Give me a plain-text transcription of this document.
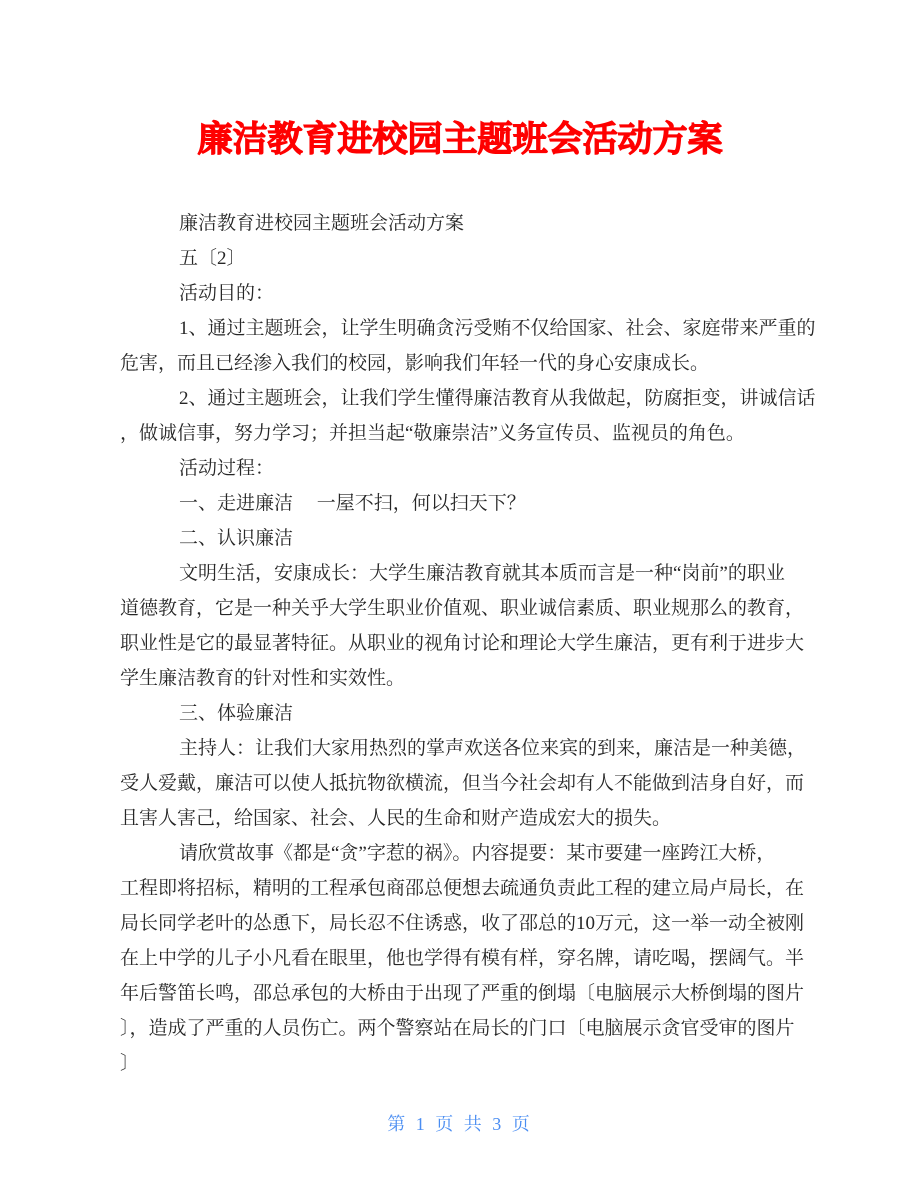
廉洁教育进校园主题班会活动方案
廉洁教育进校园主题班会活动方案
五〔2〕
活动目的：
1、通过主题班会，让学生明确贪污受贿不仅给国家、社会、家庭带来严重的
危害，而且已经渗入我们的校园，影响我们年轻一代的身心安康成长。
2、通过主题班会，让我们学生懂得廉洁教育从我做起，防腐拒变，讲诚信话
，做诚信事，努力学习；并担当起“敬廉崇洁”义务宣传员、监视员的角色。
活动过程：
一、走进廉洁　 一屋不扫，何以扫天下？
二、认识廉洁
文明生活，安康成长：大学生廉洁教育就其本质而言是一种“岗前”的职业
道德教育，它是一种关乎大学生职业价值观、职业诚信素质、职业规那么的教育，
职业性是它的最显著特征。从职业的视角讨论和理论大学生廉洁，更有利于进步大
学生廉洁教育的针对性和实效性。
三、体验廉洁
主持人：让我们大家用热烈的掌声欢送各位来宾的到来，廉洁是一种美德，
受人爱戴，廉洁可以使人抵抗物欲横流，但当今社会却有人不能做到洁身自好，而
且害人害己，给国家、社会、人民的生命和财产造成宏大的损失。
请欣赏故事《都是“贪”字惹的祸》。内容提要：某市要建一座跨江大桥，
工程即将招标，精明的工程承包商邵总便想去疏通负责此工程的建立局卢局长，在
局长同学老叶的怂恿下，局长忍不住诱惑，收了邵总的10万元，这一举一动全被刚
在上中学的儿子小凡看在眼里，他也学得有模有样，穿名牌，请吃喝，摆阔气。半
年后警笛长鸣，邵总承包的大桥由于出现了严重的倒塌〔电脑展示大桥倒塌的图片
〕，造成了严重的人员伤亡。两个警察站在局长的门口〔电脑展示贪官受审的图片
〕
第 1 页 共 3 页
